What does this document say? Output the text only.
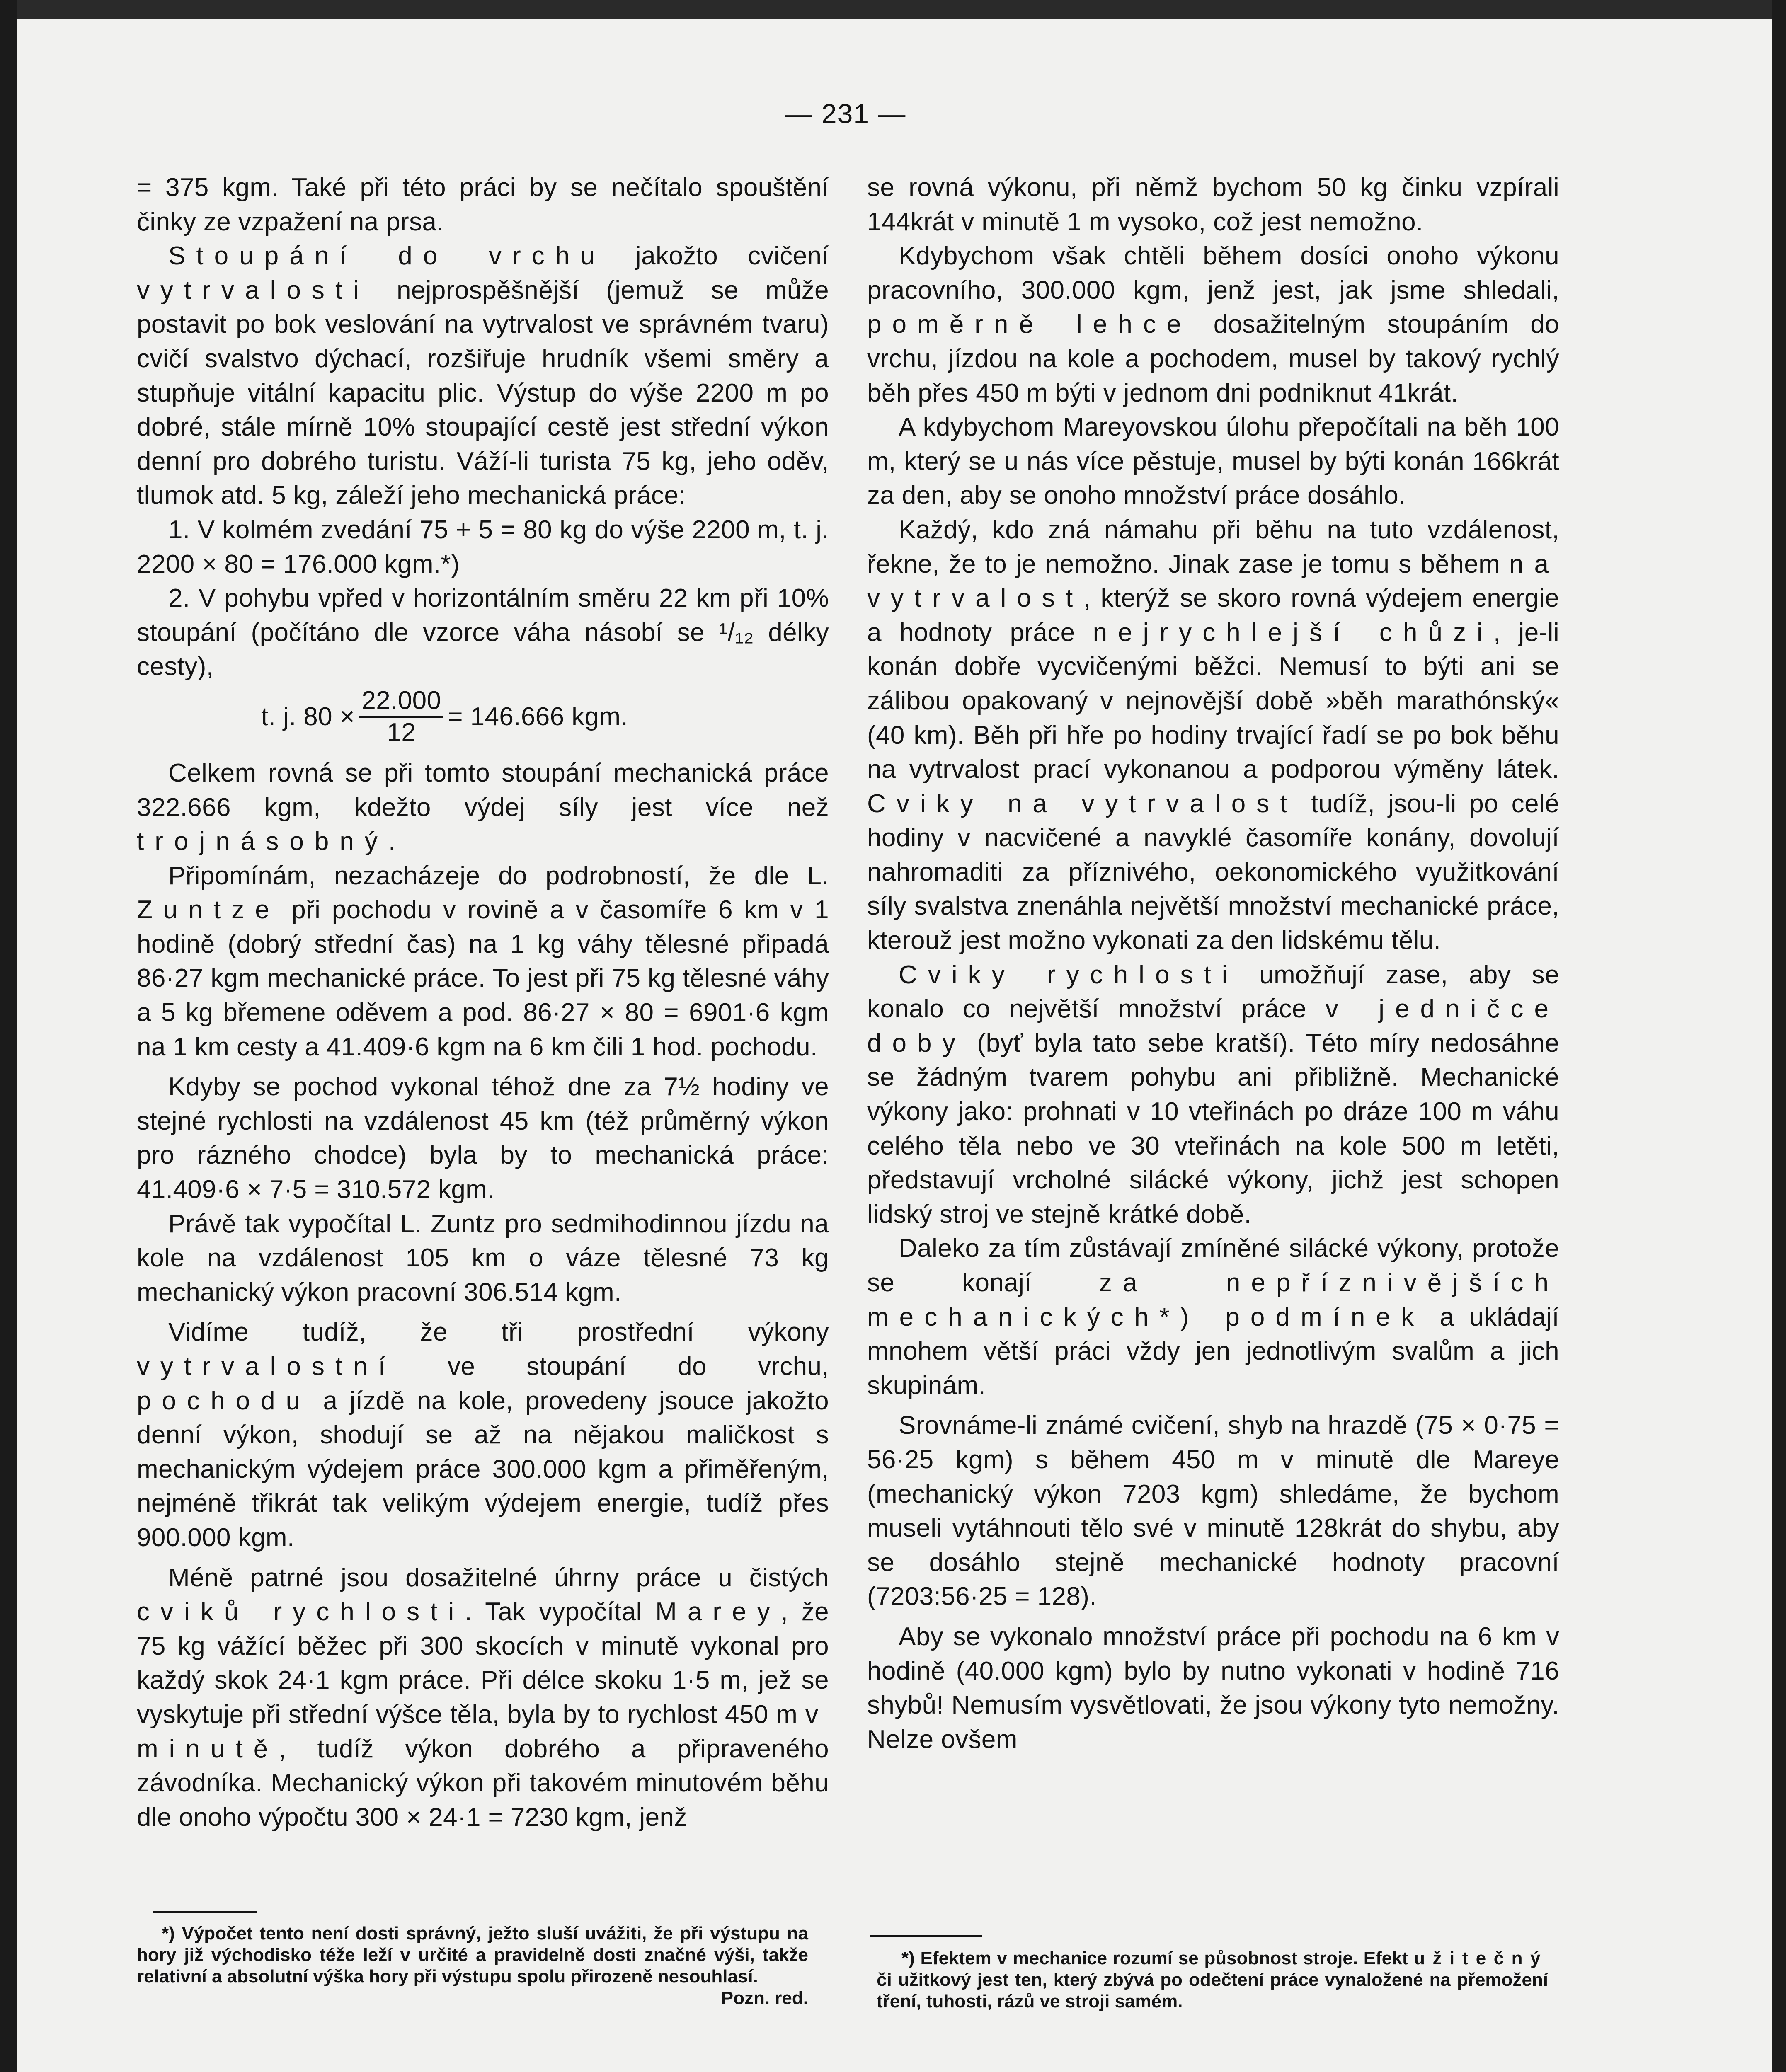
— 231 —

= 375 kgm. Také při této práci by se nečítalo spouštění činky ze vzpažení na prsa.

Stoupání do vrchu jakožto cvičení vytrvalosti nejprospěšnější (jemuž se může postavit po bok veslování na vytrvalost ve správném tvaru) cvičí svalstvo dýchací, rozšiřuje hrudník všemi směry a stupňuje vitální kapacitu plic. Výstup do výše 2200 m po dobré, stále mírně 10% stoupající cestě jest střední výkon denní pro dobrého turistu. Váží-li turista 75 kg, jeho oděv, tlumok atd. 5 kg, záleží jeho mechanická práce:

1. V kolmém zvedání 75 + 5 = 80 kg do výše 2200 m, t. j. 2200 × 80 = 176.000 kgm.*)

2. V pohybu vpřed v horizontálním směru 22 km při 10% stoupání (počítáno dle vzorce váha násobí se ¹/₁₂ délky cesty),

t. j. $80 \times \frac{22.000}{12} = 146.666$ kgm.

Celkem rovná se při tomto stoupání mechanická práce 322.666 kgm, kdežto výdej síly jest více než trojnásobný.

Připomínám, nezacházeje do podrobností, že dle L. Zuntze při pochodu v rovině a v časomíře 6 km v 1 hodině (dobrý střední čas) na 1 kg váhy tělesné připadá 86·27 kgm mechanické práce. To jest při 75 kg tělesné váhy a 5 kg břemene oděvem a pod. 86·27 × 80 = 6901·6 kgm na 1 km cesty a 41.409·6 kgm na 6 km čili 1 hod. pochodu.

Kdyby se pochod vykonal téhož dne za 7½ hodiny ve stejné rychlosti na vzdálenost 45 km (též průměrný výkon pro rázného chodce) byla by to mechanická práce: 41.409·6 × 7·5 = 310.572 kgm.

Právě tak vypočítal L. Zuntz pro sedmihodinnou jízdu na kole na vzdálenost 105 km o váze tělesné 73 kg mechanický výkon pracovní 306.514 kgm.

Vidíme tudíž, že tři prostřední výkony vytrvalostní ve stoupání do vrchu, pochodu a jízdě na kole, provedeny jsouce jakožto denní výkon, shodují se až na nějakou maličkost s mechanickým výdejem práce 300.000 kgm a přiměřeným, nejméně třikrát tak velikým výdejem energie, tudíž přes 900.000 kgm.

Méně patrné jsou dosažitelné úhrny práce u čistých cviků rychlosti. Tak vypočítal Marey, že 75 kg vážící běžec při 300 skocích v minutě vykonal pro každý skok 24·1 kgm práce. Při délce skoku 1·5 m, jež se vyskytuje při střední výšce těla, byla by to rychlost 450 m v minutě, tudíž výkon dobrého a připraveného závodníka. Mechanický výkon při takovém minutovém běhu dle onoho výpočtu 300 × 24·1 = 7230 kgm, jenž

se rovná výkonu, při němž bychom 50 kg činku vzpírali 144krát v minutě 1 m vysoko, což jest nemožno.

Kdybychom však chtěli během dosíci onoho výkonu pracovního, 300.000 kgm, jenž jest, jak jsme shledali, poměrně lehce dosažitelným stoupáním do vrchu, jízdou na kole a pochodem, musel by takový rychlý běh přes 450 m býti v jednom dni podniknut 41krát.

A kdybychom Mareyovskou úlohu přepočítali na běh 100 m, který se u nás více pěstuje, musel by býti konán 166krát za den, aby se onoho množství práce dosáhlo.

Každý, kdo zná námahu při běhu na tuto vzdálenost, řekne, že to je nemožno. Jinak zase je tomu s během na vytrvalost, kterýž se skoro rovná výdejem energie a hodnoty práce nejrychlejší chůzi, je-li konán dobře vycvičenými běžci. Nemusí to býti ani se zálibou opakovaný v nejnovější době »běh marathónský« (40 km). Běh při hře po hodiny trvající řadí se po bok běhu na vytrvalost prací vykonanou a podporou výměny látek. Cviky na vytrvalost tudíž, jsou-li po celé hodiny v nacvičené a navyklé časomíře konány, dovolují nahromaditi za příznivého, oekonomického využitkování síly svalstva znenáhla největší množství mechanické práce, kterouž jest možno vykonati za den lidskému tělu.

Cviky rychlosti umožňují zase, aby se konalo co největší množství práce v jedničce doby (byť byla tato sebe kratší). Této míry nedosáhne se žádným tvarem pohybu ani přibližně. Mechanické výkony jako: prohnati v 10 vteřinách po dráze 100 m váhu celého těla nebo ve 30 vteřinách na kole 500 m letěti, představují vrcholné silácké výkony, jichž jest schopen lidský stroj ve stejně krátké době.

Daleko za tím zůstávají zmíněné silácké výkony, protože se konají za nepříznivějších mechanických*) podmínek a ukládají mnohem větší práci vždy jen jednotlivým svalům a jich skupinám.

Srovnáme-li známé cvičení, shyb na hrazdě (75 × 0·75 = 56·25 kgm) s během 450 m v minutě dle Mareye (mechanický výkon 7203 kgm) shledáme, že bychom museli vytáhnouti tělo své v minutě 128krát do shybu, aby se dosáhlo stejně mechanické hodnoty pracovní (7203:56·25 = 128).

Aby se vykonalo množství práce při pochodu na 6 km v hodině (40.000 kgm) bylo by nutno vykonati v hodině 716 shybů! Nemusím vysvětlovati, že jsou výkony tyto nemožny. Nelze ovšem

*) Výpočet tento není dosti správný, ježto sluší uvážiti, že při výstupu na hory již východisko téže leží v určité a pravidelně dosti značné výši, takže relativní a absolutní výška hory při výstupu spolu přirozeně nesouhlasí.

Pozn. red.

*) Efektem v mechanice rozumí se působnost stroje. Efekt užitečný či užitkový jest ten, který zbývá po odečtení práce vynaložené na přemožení tření, tuhosti, rázů ve stroji samém.
